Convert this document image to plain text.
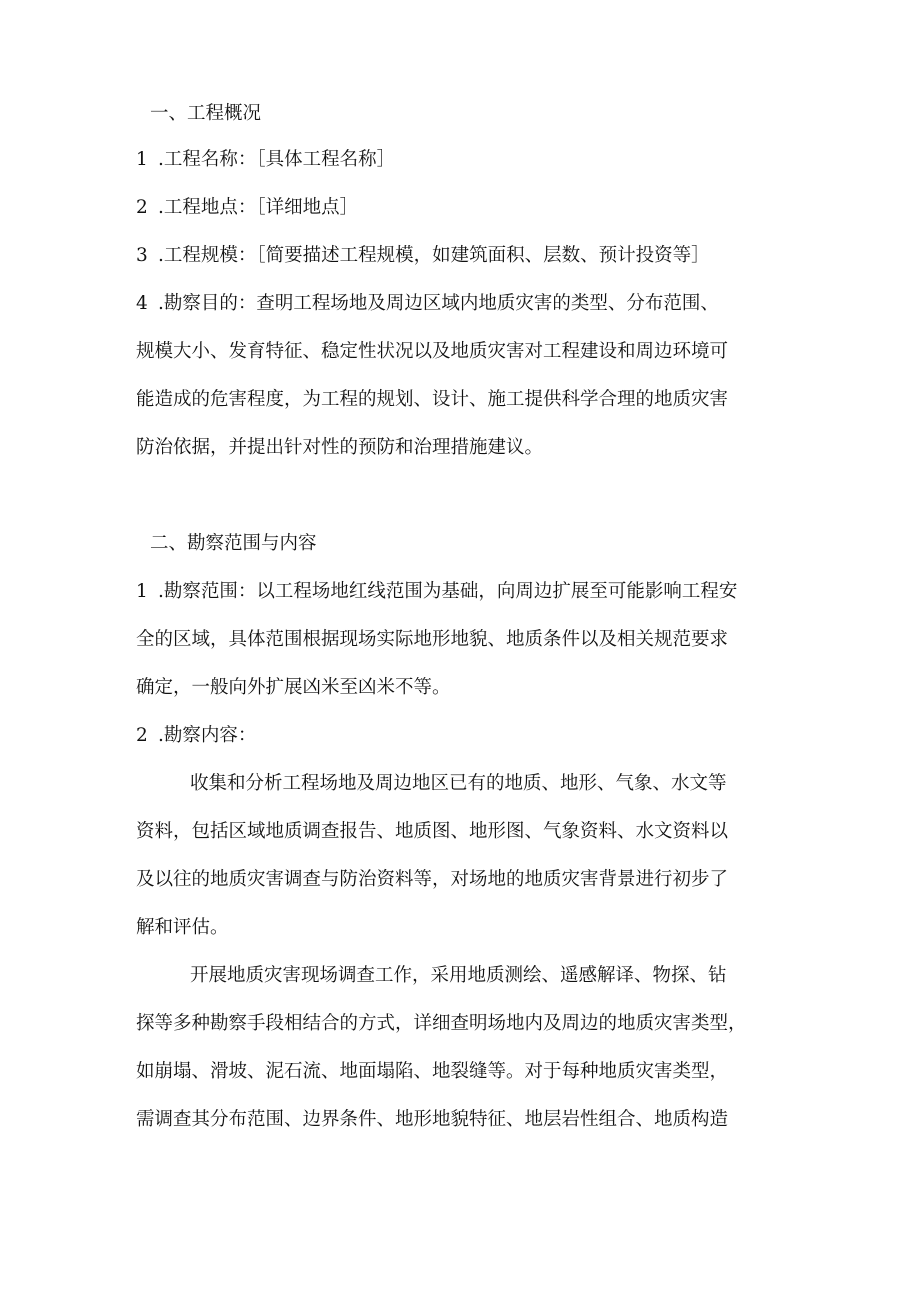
一、工程概况
1 .工程名称：［具体工程名称］
2 .工程地点：［详细地点］
3 .工程规模：［简要描述工程规模，如建筑面积、层数、预计投资等］
4 .勘察目的：查明工程场地及周边区域内地质灾害的类型、分布范围、
规模大小、发育特征、稳定性状况以及地质灾害对工程建设和周边环境可
能造成的危害程度，为工程的规划、设计、施工提供科学合理的地质灾害
防治依据，并提出针对性的预防和治理措施建议。
二、勘察范围与内容
1 .勘察范围：以工程场地红线范围为基础，向周边扩展至可能影响工程安
全的区域，具体范围根据现场实际地形地貌、地质条件以及相关规范要求
确定，一般向外扩展凶米至凶米不等。
2 .勘察内容：
收集和分析工程场地及周边地区已有的地质、地形、气象、水文等
资料，包括区域地质调查报告、地质图、地形图、气象资料、水文资料以
及以往的地质灾害调查与防治资料等，对场地的地质灾害背景进行初步了
解和评估。
开展地质灾害现场调查工作，采用地质测绘、遥感解译、物探、钻
探等多种勘察手段相结合的方式，详细查明场地内及周边的地质灾害类型，
如崩塌、滑坡、泥石流、地面塌陷、地裂缝等。对于每种地质灾害类型，
需调查其分布范围、边界条件、地形地貌特征、地层岩性组合、地质构造
